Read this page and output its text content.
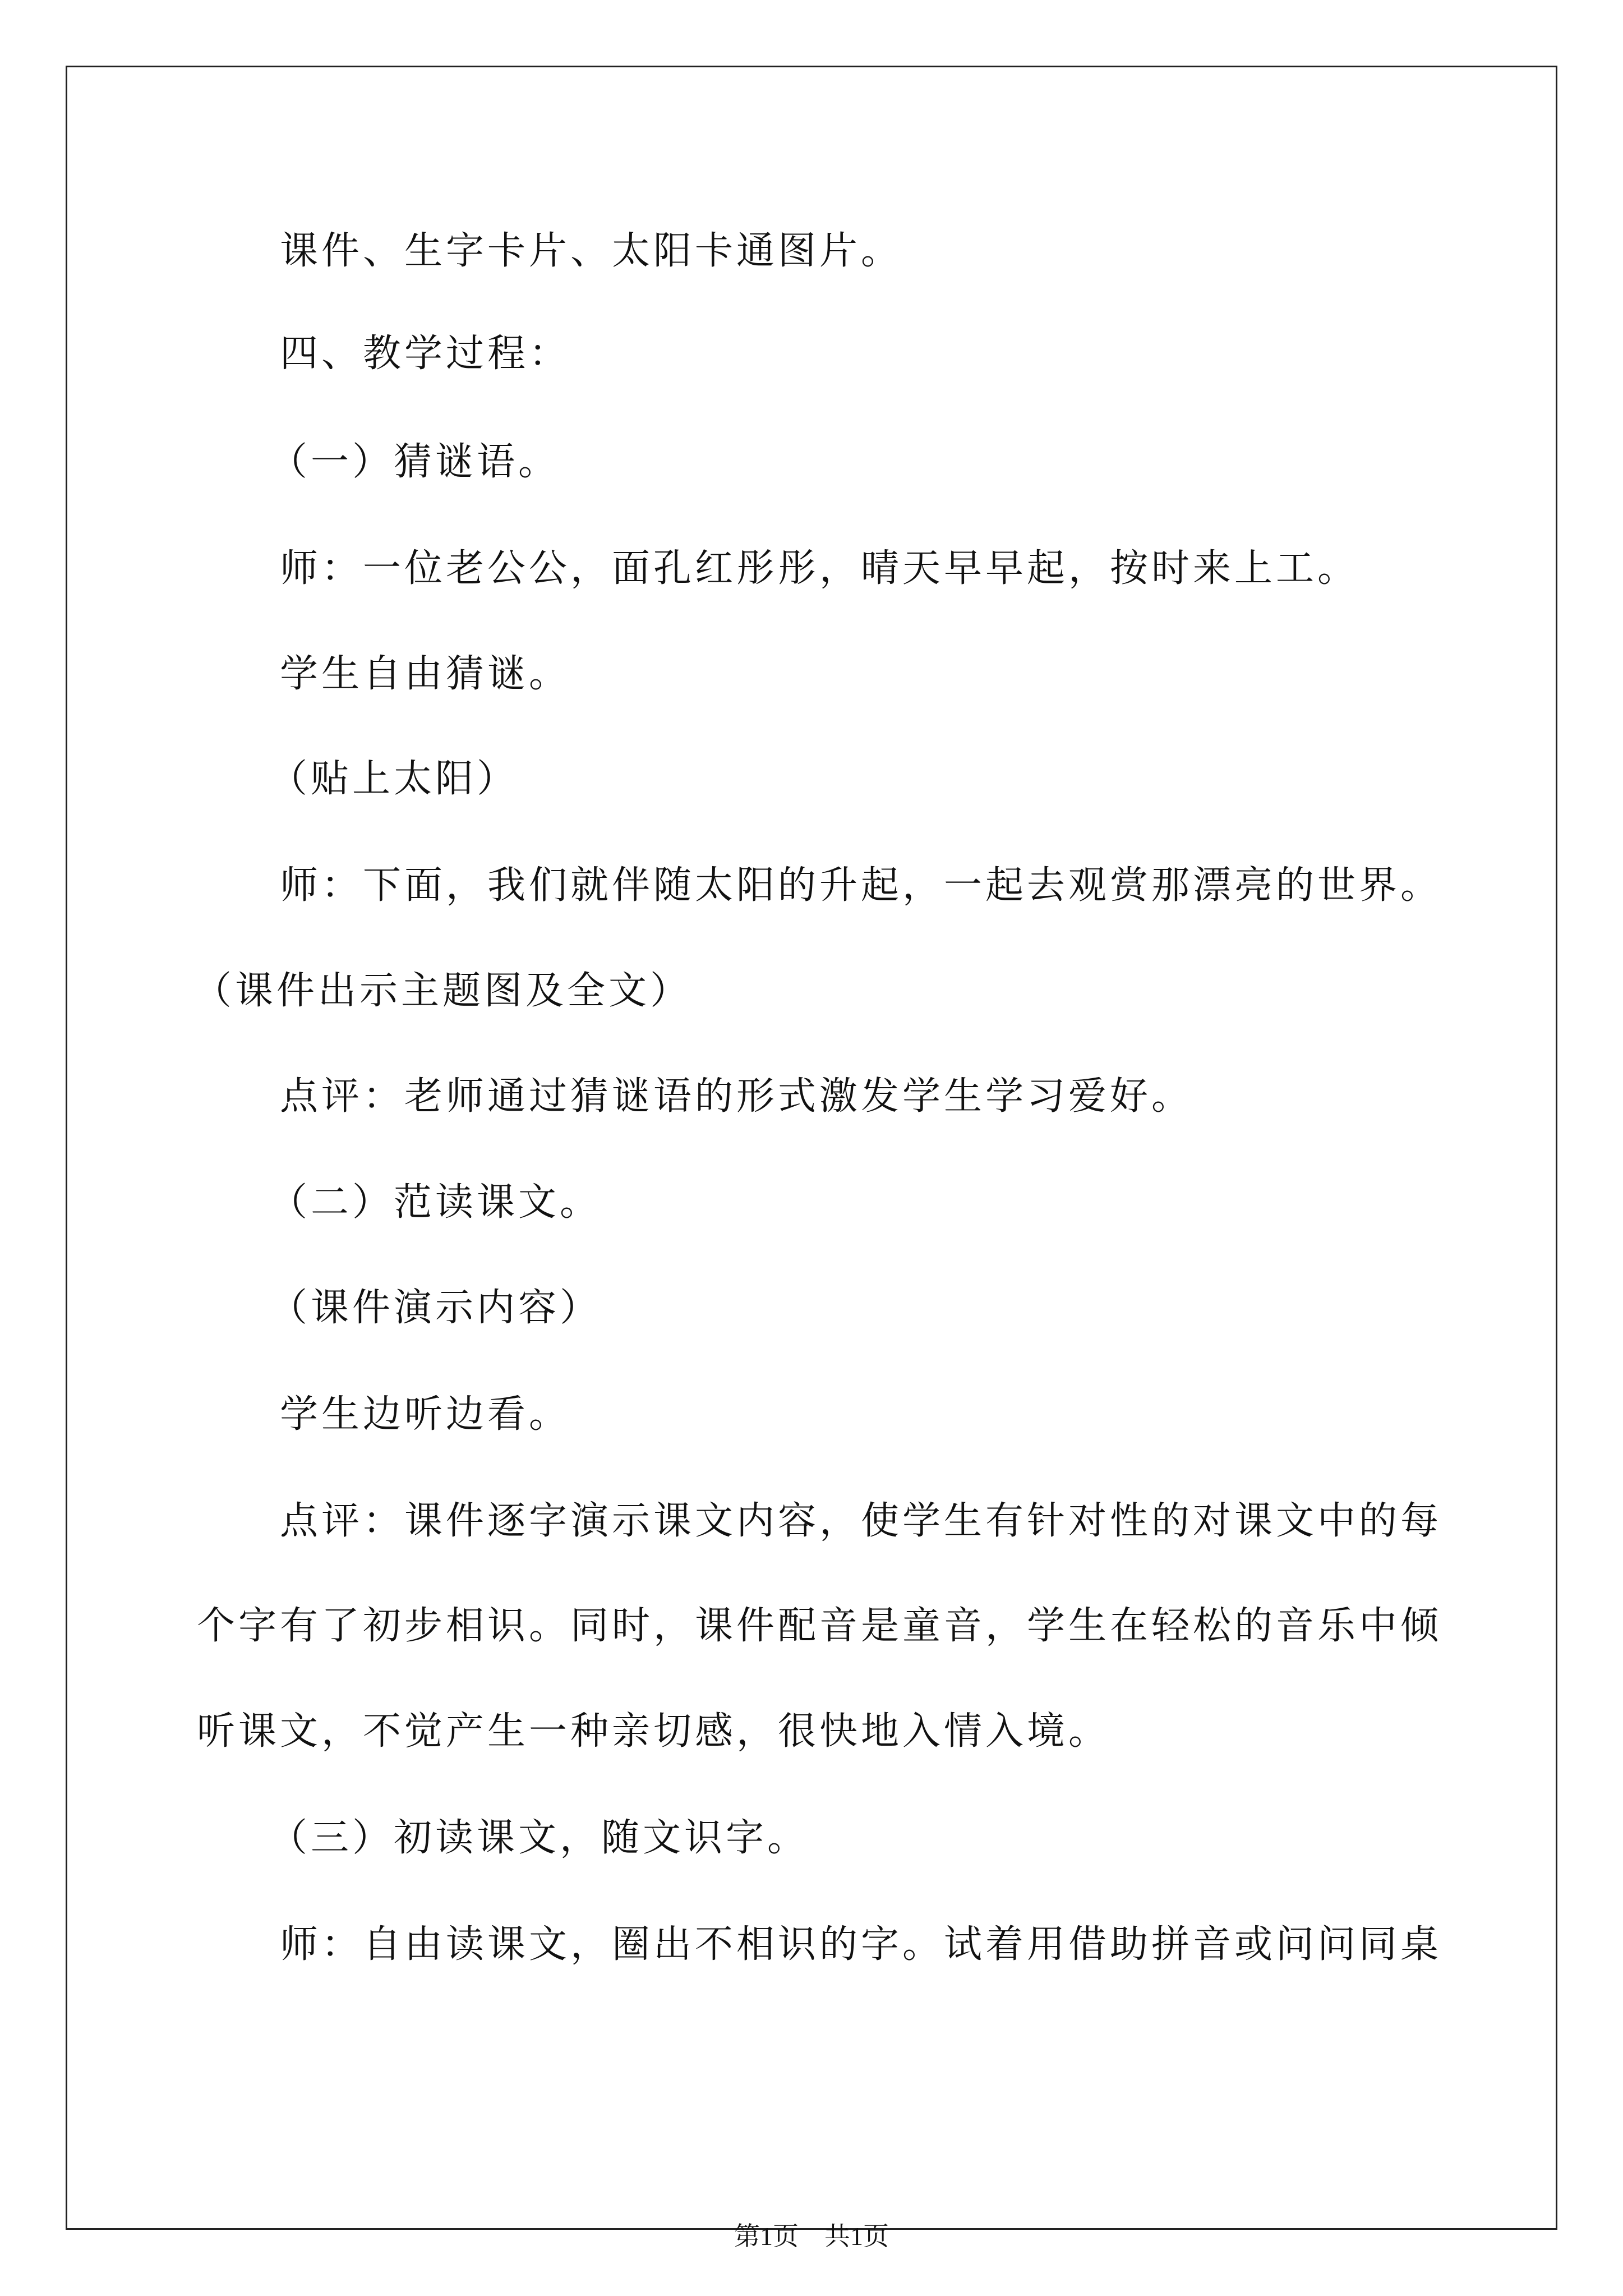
课件、生字卡片、太阳卡通图片。

四、教学过程：

（一）猜谜语。

师：一位老公公，面孔红彤彤，晴天早早起，按时来上工。

学生自由猜谜。

（贴上太阳）

师：下面，我们就伴随太阳的升起，一起去观赏那漂亮的世界。

（课件出示主题图及全文）

点评：老师通过猜谜语的形式激发学生学习爱好。

（二）范读课文。

（课件演示内容）

学生边听边看。

点评：课件逐字演示课文内容，使学生有针对性的对课文中的每

个字有了初步相识。同时，课件配音是童音，学生在轻松的音乐中倾

听课文，不觉产生一种亲切感，很快地入情入境。

（三）初读课文，随文识字。

师：自由读课文，圈出不相识的字。试着用借助拼音或问问同桌

第1页　共1页
